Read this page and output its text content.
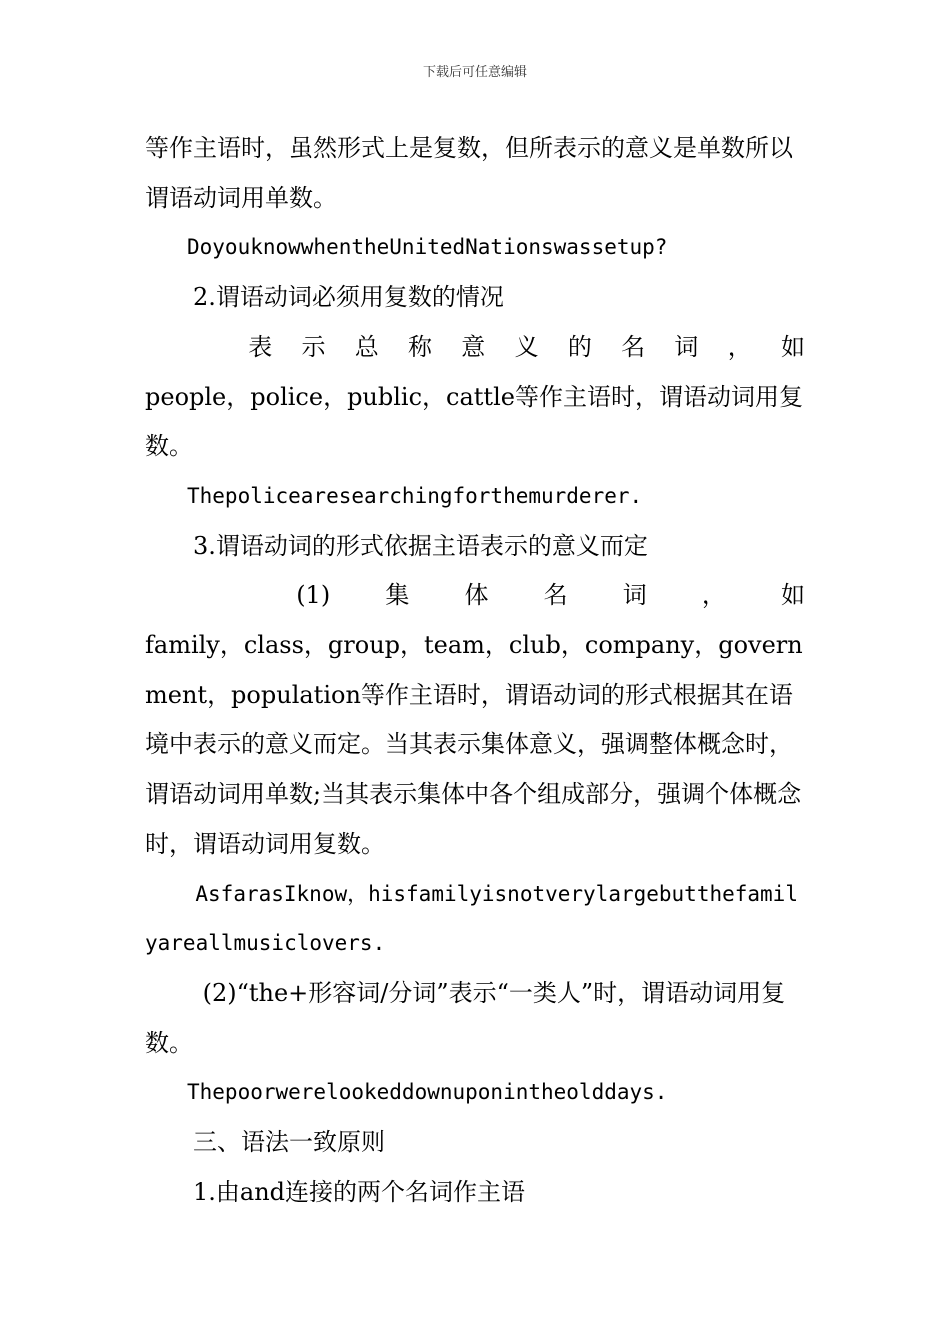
下载后可任意编辑

等作主语时，虽然形式上是复数，但所表示的意义是单数所以谓语动词用单数。

DoyouknowwhentheUnitedNationswassetup?

2.谓语动词必须用复数的情况

表示总称意义的名词，如

people，police，public，cattle等作主语时，谓语动词用复数。

Thepolicearesearchingforthemurderer.

3.谓语动词的形式依据主语表示的意义而定

(1)集体名词，如

family，class，group，team，club，company，government，population等作主语时，谓语动词的形式根据其在语境中表示的意义而定。当其表示集体意义，强调整体概念时，谓语动词用单数;当其表示集体中各个组成部分，强调个体概念时，谓语动词用复数。

AsfarasIknow，hisfamilyisnotverylargebutthefamilyareallmusiclovers.

(2)“the+形容词/分词”表示“一类人”时，谓语动词用复数。

Thepoorwerelookeddownuponintheolddays.

三、语法一致原则

1.由and连接的两个名词作主语
